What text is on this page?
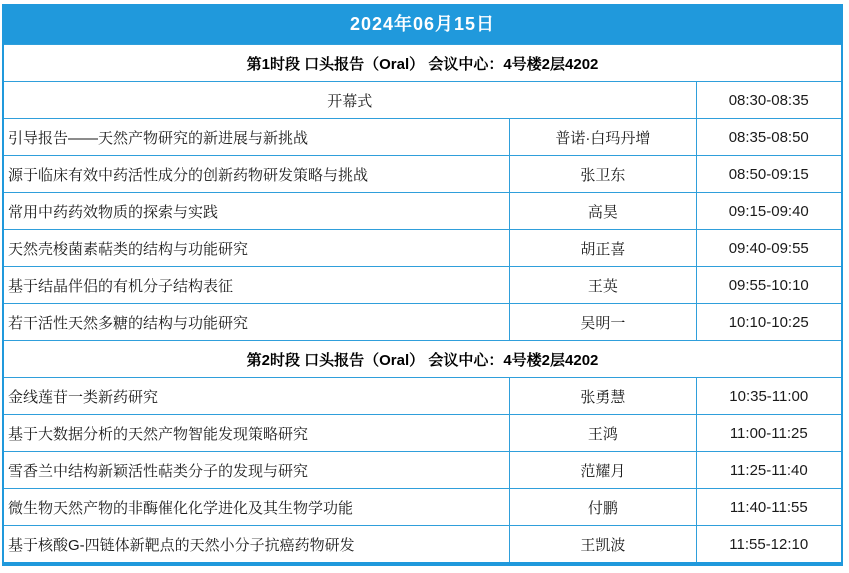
2024年06月15日
第1时段 口头报告（Oral） 会议中心：4号楼2层4202		
开幕式		08:30-08:35
引导报告——天然产物研究的新进展与新挑战	普诺·白玛丹增	08:35-08:50
源于临床有效中药活性成分的创新药物研发策略与挑战	张卫东	08:50-09:15
常用中药药效物质的探索与实践	高昊	09:15-09:40
天然壳梭菌素萜类的结构与功能研究	胡正喜	09:40-09:55
基于结晶伴侣的有机分子结构表征	王英	09:55-10:10
若干活性天然多糖的结构与功能研究	吴明一	10:10-10:25
第2时段 口头报告（Oral） 会议中心：4号楼2层4202		
金线莲苷一类新药研究	张勇慧	10:35-11:00
基于大数据分析的天然产物智能发现策略研究	王鸿	11:00-11:25
雪香兰中结构新颖活性萜类分子的发现与研究	范耀月	11:25-11:40
微生物天然产物的非酶催化化学进化及其生物学功能	付鹏	11:40-11:55
基于核酸G-四链体新靶点的天然小分子抗癌药物研发	王凯波	11:55-12:10
